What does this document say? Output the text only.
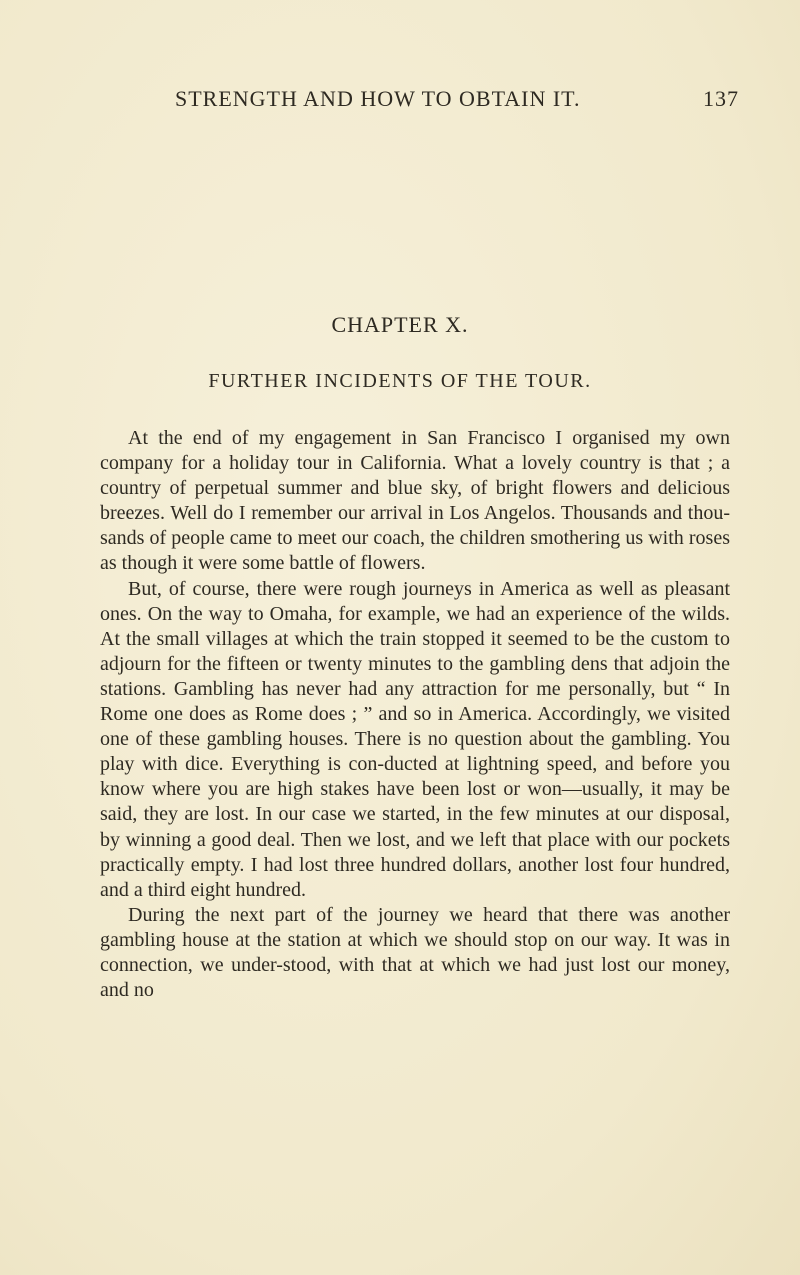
STRENGTH AND HOW TO OBTAIN IT.	137
CHAPTER X.
FURTHER INCIDENTS OF THE TOUR.

At the end of my engagement in San Francisco I organised my own company for a holiday tour in California. What a lovely country is that ; a country of perpetual summer and blue sky, of bright flowers and delicious breezes. Well do I remember our arrival in Los Angelos. Thousands and thou-sands of people came to meet our coach, the children smothering us with roses as though it were some battle of flowers.

But, of course, there were rough journeys in America as well as pleasant ones. On the way to Omaha, for example, we had an experience of the wilds. At the small villages at which the train stopped it seemed to be the custom to adjourn for the fifteen or twenty minutes to the gambling dens that adjoin the stations. Gambling has never had any attraction for me personally, but “ In Rome one does as Rome does ; ” and so in America. Accordingly, we visited one of these gambling houses. There is no question about the gambling. You play with dice. Everything is con-ducted at lightning speed, and before you know where you are high stakes have been lost or won—usually, it may be said, they are lost. In our case we started, in the few minutes at our disposal, by winning a good deal. Then we lost, and we left that place with our pockets practically empty. I had lost three hundred dollars, another lost four hundred, and a third eight hundred.

During the next part of the journey we heard that there was another gambling house at the station at which we should stop on our way. It was in connection, we under-stood, with that at which we had just lost our money, and no
